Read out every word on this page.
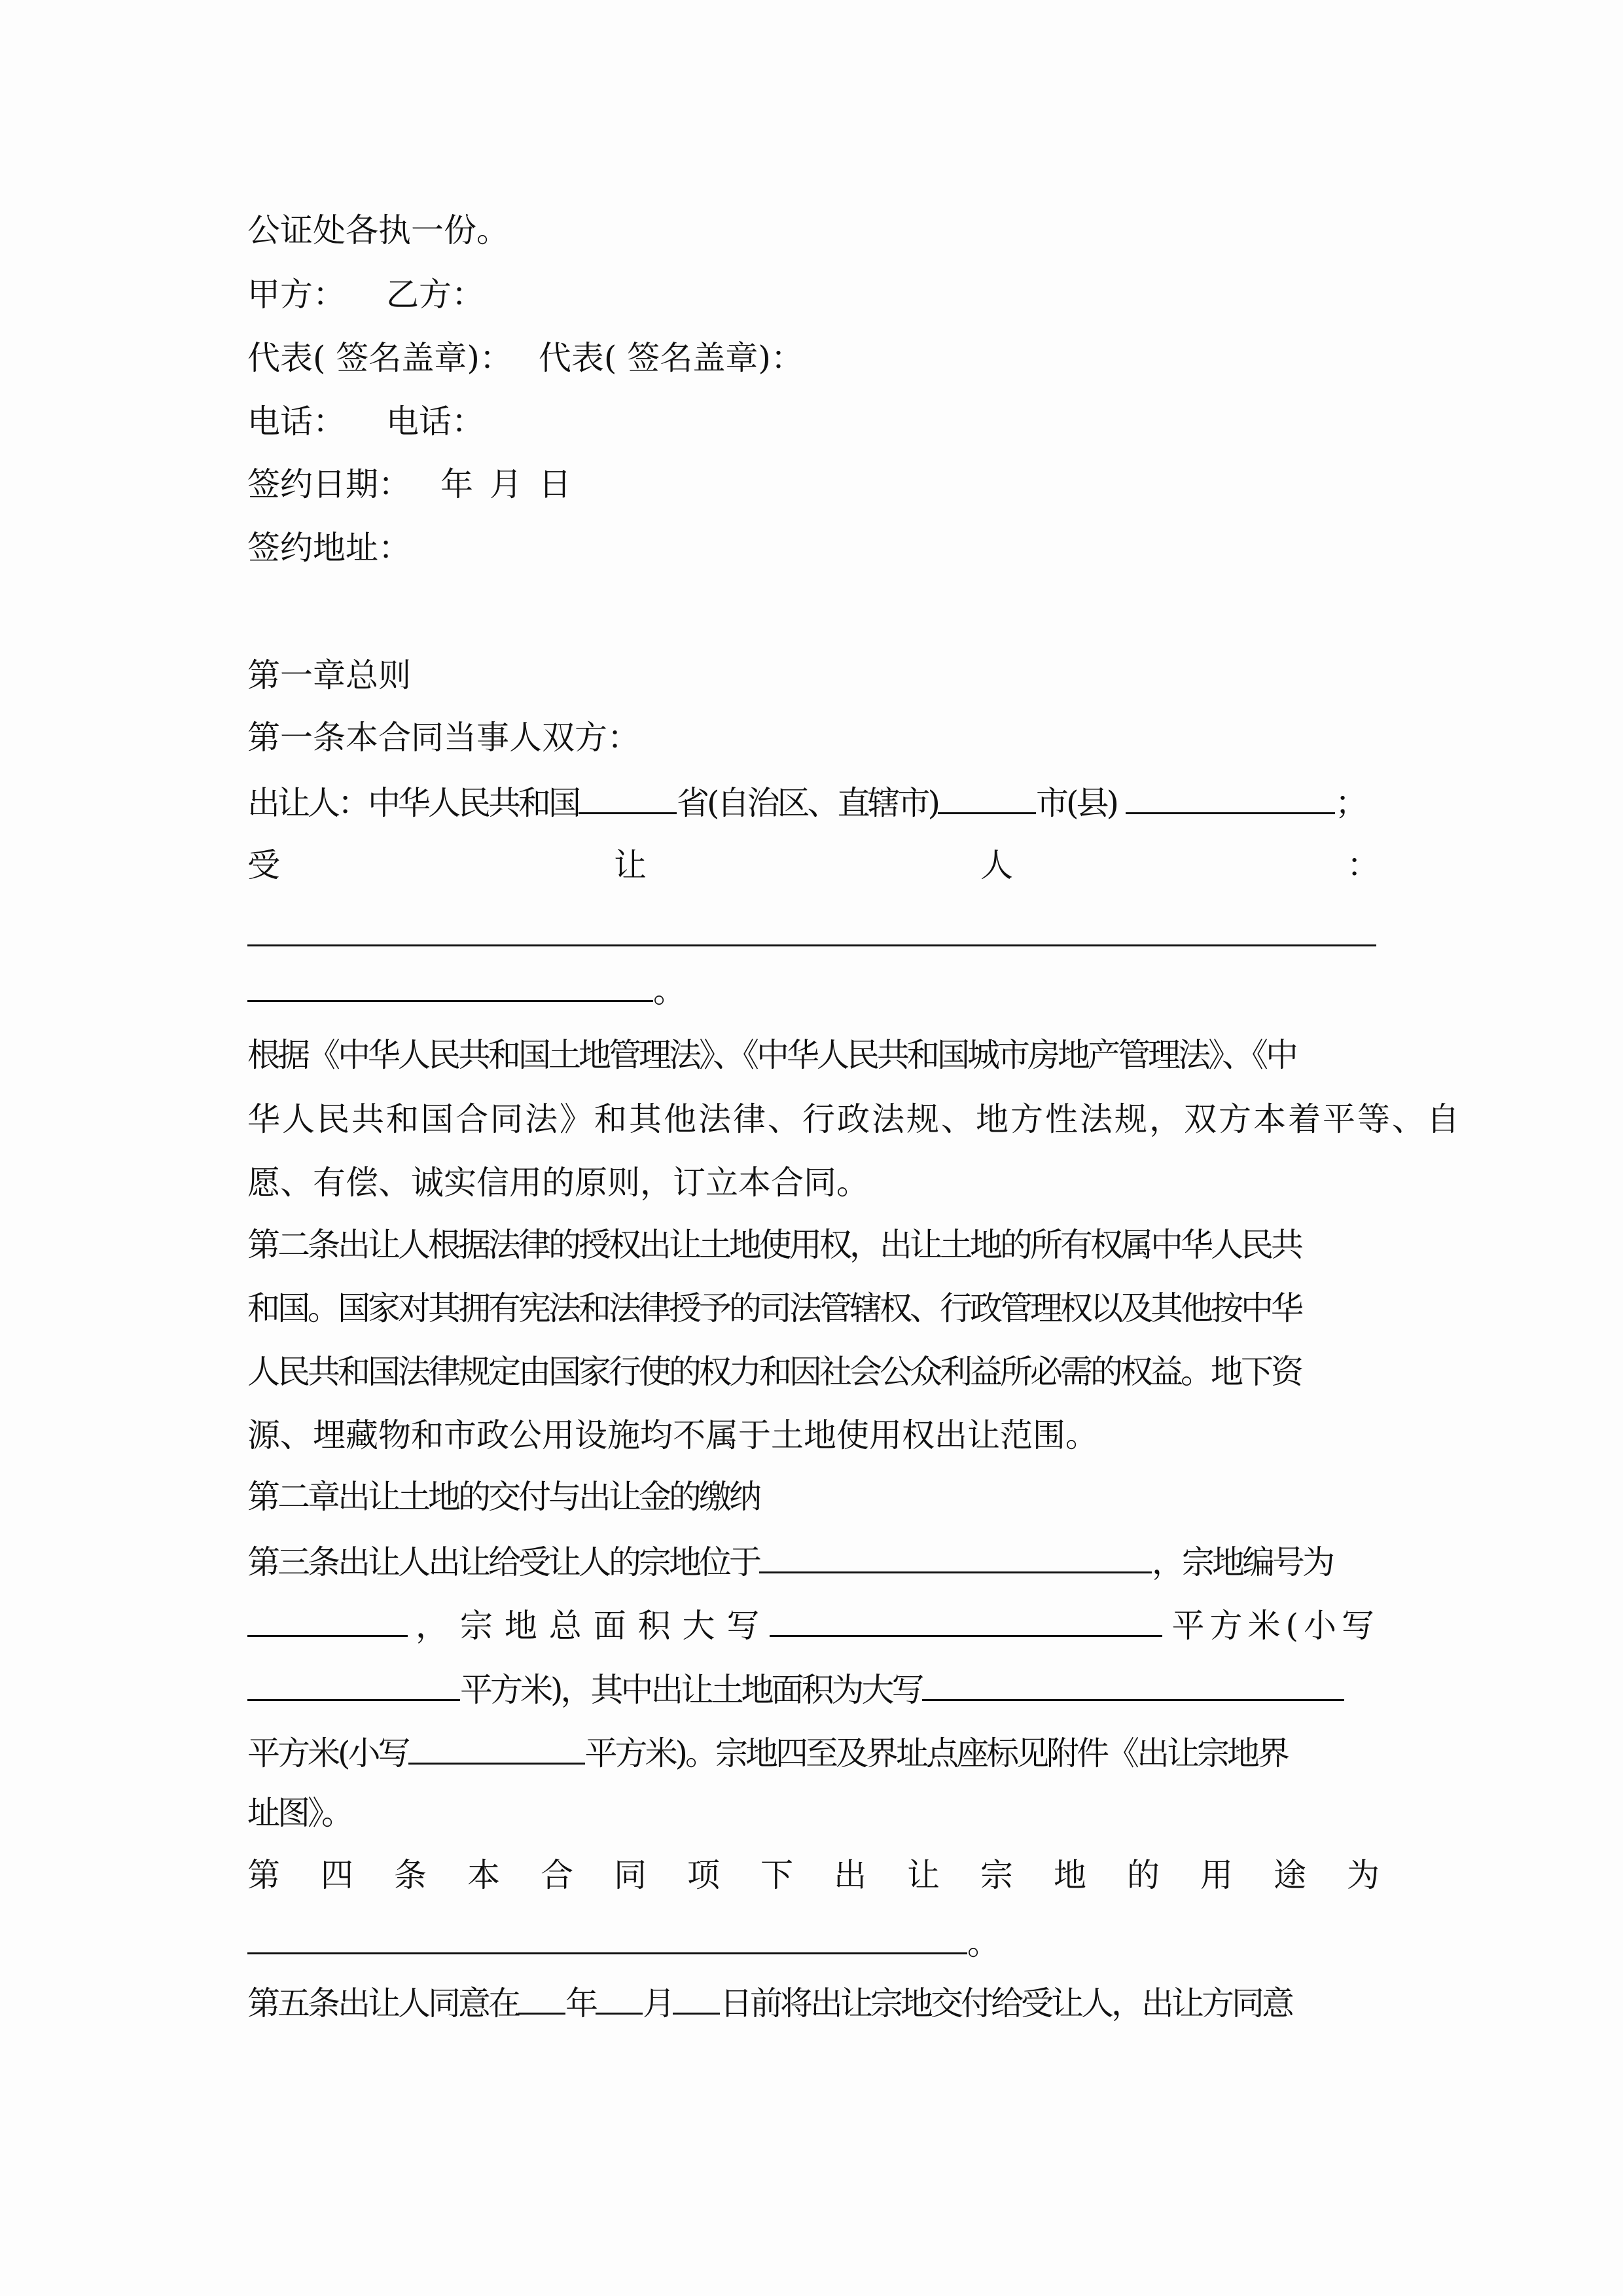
公证处各执一份。
甲方： 乙方：
代表( 签名盖章)： 代表( 签名盖章)：
电话： 电话：
签约日期： 年 月 日
签约地址：
第一章总则
第一条本合同当事人双方：
出让人：中华人民共和国	省(自治区、直辖市)	市(县)	；
受	让	人	：
。
根据《中华人民共和国土地管理法》、《中华人民共和国城市房地产管理法》、《中
华人民共和国合同法》和其他法律、行政法规、地方性法规，双方本着平等、自
愿、有偿、诚实信用的原则，订立本合同。
第二条出让人根据法律的授权出让土地使用权，出让土地的所有权属中华人民共
和国。国家对其拥有宪法和法律授予的司法管辖权、行政管理权以及其他按中华
人民共和国法律规定由国家行使的权力和因社会公众利益所必需的权益。地下资
源、埋藏物和市政公用设施均不属于土地使用权出让范围。
第二章出让土地的交付与出让金的缴纳
第三条出让人出让给受让人的宗地位于	，宗地编号为
， 宗 地 总 面 积 大 写	平方米(小写
平方米)，其中出让土地面积为大写
平方米(小写	平方米)。宗地四至及界址点座标见附件《出让宗地界
址图》。
第 四 条 本 合 同 项 下 出 让 宗 地 的 用 途 为
。
第五条出让人同意在 年 月 日前将出让宗地交付给受让人，出让方同意
